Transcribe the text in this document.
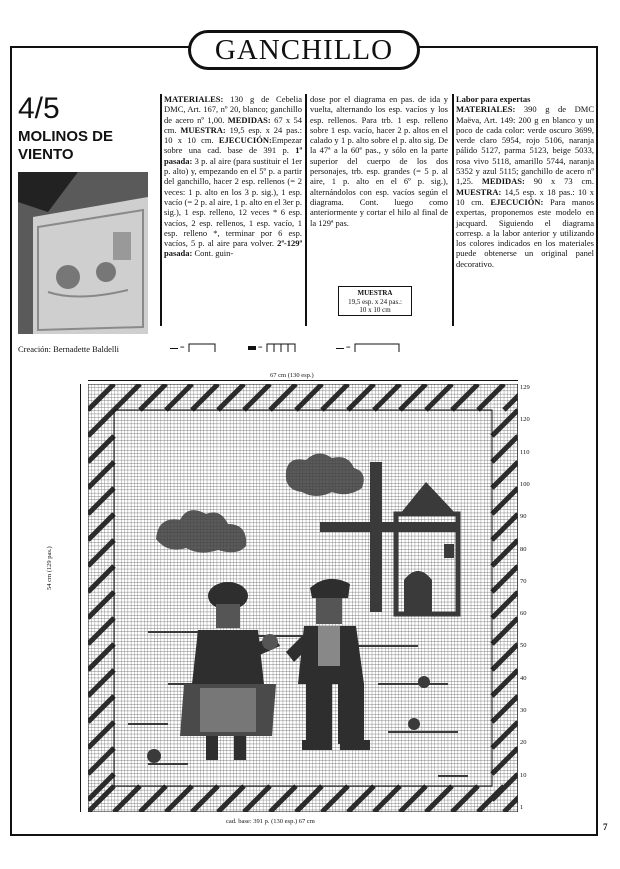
GANCHILLO
4/5
MOLINOS DE VIENTO
Creación: Bernadette Baldelli
MATERIALES: 130 g de Cebelia DMC, Art. 167, nº 20, blanco; ganchillo de acero nº 1,00. MEDIDAS: 67 x 54 cm. MUESTRA: 19,5 esp. x 24 pas.: 10 x 10 cm. EJECUCIÓN:Empezar sobre una cad. base de 391 p. 1ª pasada: 3 p. al aire (para sustituir el 1er p. alto) y, empezando en el 5º p. a partir del ganchillo, hacer 2 esp. rellenos (= 2 veces: 1 p. alto en los 3 p. sig.), 1 esp. vacío (= 2 p. al aire, 1 p. alto en el 3er p. sig.), 1 esp. relleno, 12 veces * 6 esp. vacíos, 2 esp. rellenos, 1 esp. vacío, 1 esp. relleno *, terminar por 6 esp. vacíos, 5 p. al aire para volver. 2ª-129ª pasada: Cont. guin-
dose por el diagrama en pas. de ida y vuelta, alternando los esp. vacíos y los esp. rellenos. Para trb. 1 esp. relleno sobre 1 esp. vacío, hacer 2 p. altos en el calado y 1 p. alto sobre el p. alto sig. De la 47ª a la 60ª pas., y sólo en la parte superior del cuerpo de los dos personajes, trb. esp. grandes (= 5 p. al aire, 1 p. alto en el 6º p. sig.), alternándolos con esp. vacíos según el diagrama. Cont. luego como anteriormente y cortar el hilo al final de la 129ª pas.
MUESTRA
19,5 esp. x 24 pas.:
10 x 10 cm
Labor para expertas
MATERIALES: 390 g de DMC Maëva, Art. 149: 200 g en blanco y un poco de cada color: verde oscuro 3699, verde claro 5954, rojo 5106, naranja pálido 5127, parma 5123, beige 5033, rosa vivo 5118, amarillo 5744, naranja 5352 y azul 5115; ganchillo de acero nº 1,25. MEDIDAS: 90 x 73 cm. MUESTRA: 14,5 esp. x 18 pas.: 10 x 10 cm. EJECUCIÓN: Para manos expertas, proponemos este modelo en jacquard. Siguiendo el diagrama corresp. a la labor anterior y utilizando los colores indicados en los materiales puede obtenerse un original panel decorativo.
=	=	=
67 cm (130 esp.)
54 cm (129 pas.)
cad. base: 391 p. (130 esp.) 67 cm
129
120
110
100
90
80
70
60
50
40
30
20
10
1
7
